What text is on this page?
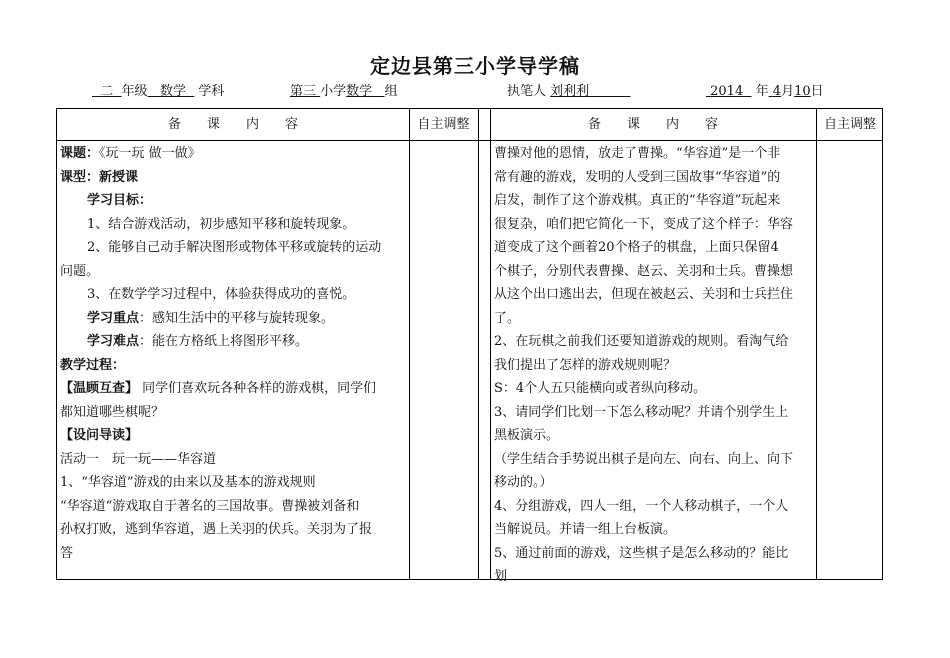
定边县第三小学导学稿
二 年级 数学 学科	第三 小学数学 组	执笔人 刘利利	2014 年 4月10日
备　　课　　内　　容	自主调整	备　　课　　内　　容	自主调整
课题：《玩一玩 做一做》
课型：新授课
学习目标：
1、结合游戏活动，初步感知平移和旋转现象。
2、能够自己动手解决图形或物体平移或旋转的运动
问题。
3、在数学学习过程中，体验获得成功的喜悦。
学习重点：感知生活中的平移与旋转现象。
学习难点：能在方格纸上将图形平移。
教学过程：
【温顾互查】 同学们喜欢玩各种各样的游戏棋，同学们
都知道哪些棋呢？
【设问导读】
活动一　玩一玩——华容道
1、“华容道”游戏的由来以及基本的游戏规则
“华容道“游戏取自于著名的三国故事。曹操被刘备和
孙权打败，逃到华容道，遇上关羽的伏兵。关羽为了报
答
曹操对他的恩情，放走了曹操。“华容道”是一个非
常有趣的游戏，发明的人受到三国故事“华容道”的
启发，制作了这个游戏棋。真正的“华容道”玩起来
很复杂，咱们把它简化一下，变成了这个样子：华容
道变成了这个画着20个格子的棋盘，上面只保留4
个棋子，分别代表曹操、赵云、关羽和士兵。曹操想
从这个出口逃出去，但现在被赵云、关羽和士兵拦住
了。
2、在玩棋之前我们还要知道游戏的规则。看淘气给
我们提出了怎样的游戏规则呢？
S：4个人五只能横向或者纵向移动。
3、请同学们比划一下怎么移动呢？并请个别学生上
黑板演示。
（学生结合手势说出棋子是向左、向右、向上、向下
移动的。）
4、分组游戏，四人一组，一个人移动棋子，一个人
当解说员。并请一组上台板演。
5、通过前面的游戏，这些棋子是怎么移动的？能比
划
